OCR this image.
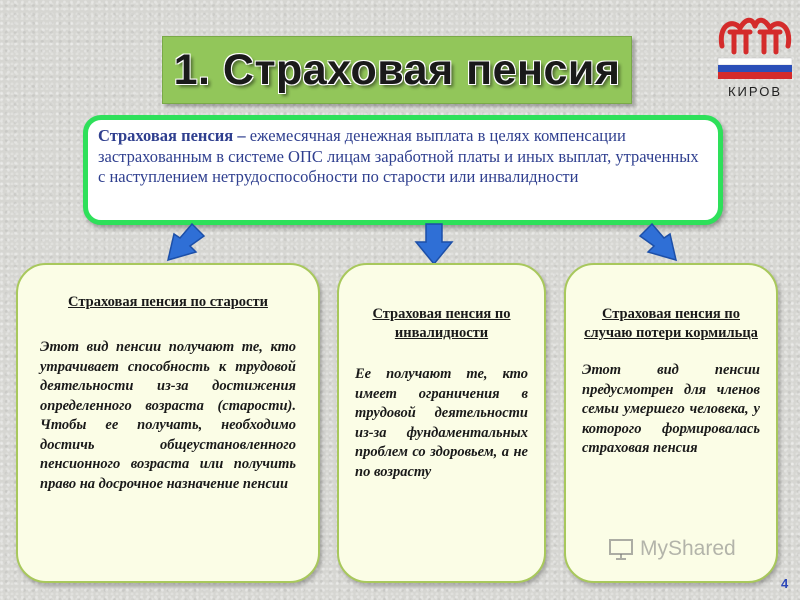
1. Страховая пенсия	КИРОВ
Страховая пенсия – ежемесячная денежная выплата в целях компенсации застрахованным в системе ОПС лицам заработной платы и иных выплат, утраченных с наступлением нетрудоспособности по старости или инвалидности
Страховая пенсия по старости
Этот вид пенсии получают те, кто утрачивает способность к трудовой деятельности из-за достижения определенного возраста (старости). Чтобы ее получать, необходимо достичь общеустановленного пенсионного возраста или получить право на досрочное назначение пенсии
Страховая пенсия по инвалидности
Ее получают те, кто имеет ограничения в трудовой деятельности из-за фундаментальных проблем со здоровьем, а не по возрасту
Страховая пенсия по случаю потери кормильца
Этот вид пенсии предусмотрен для членов семьи умершего человека, у которого формировалась страховая пенсия
MyShared
4
